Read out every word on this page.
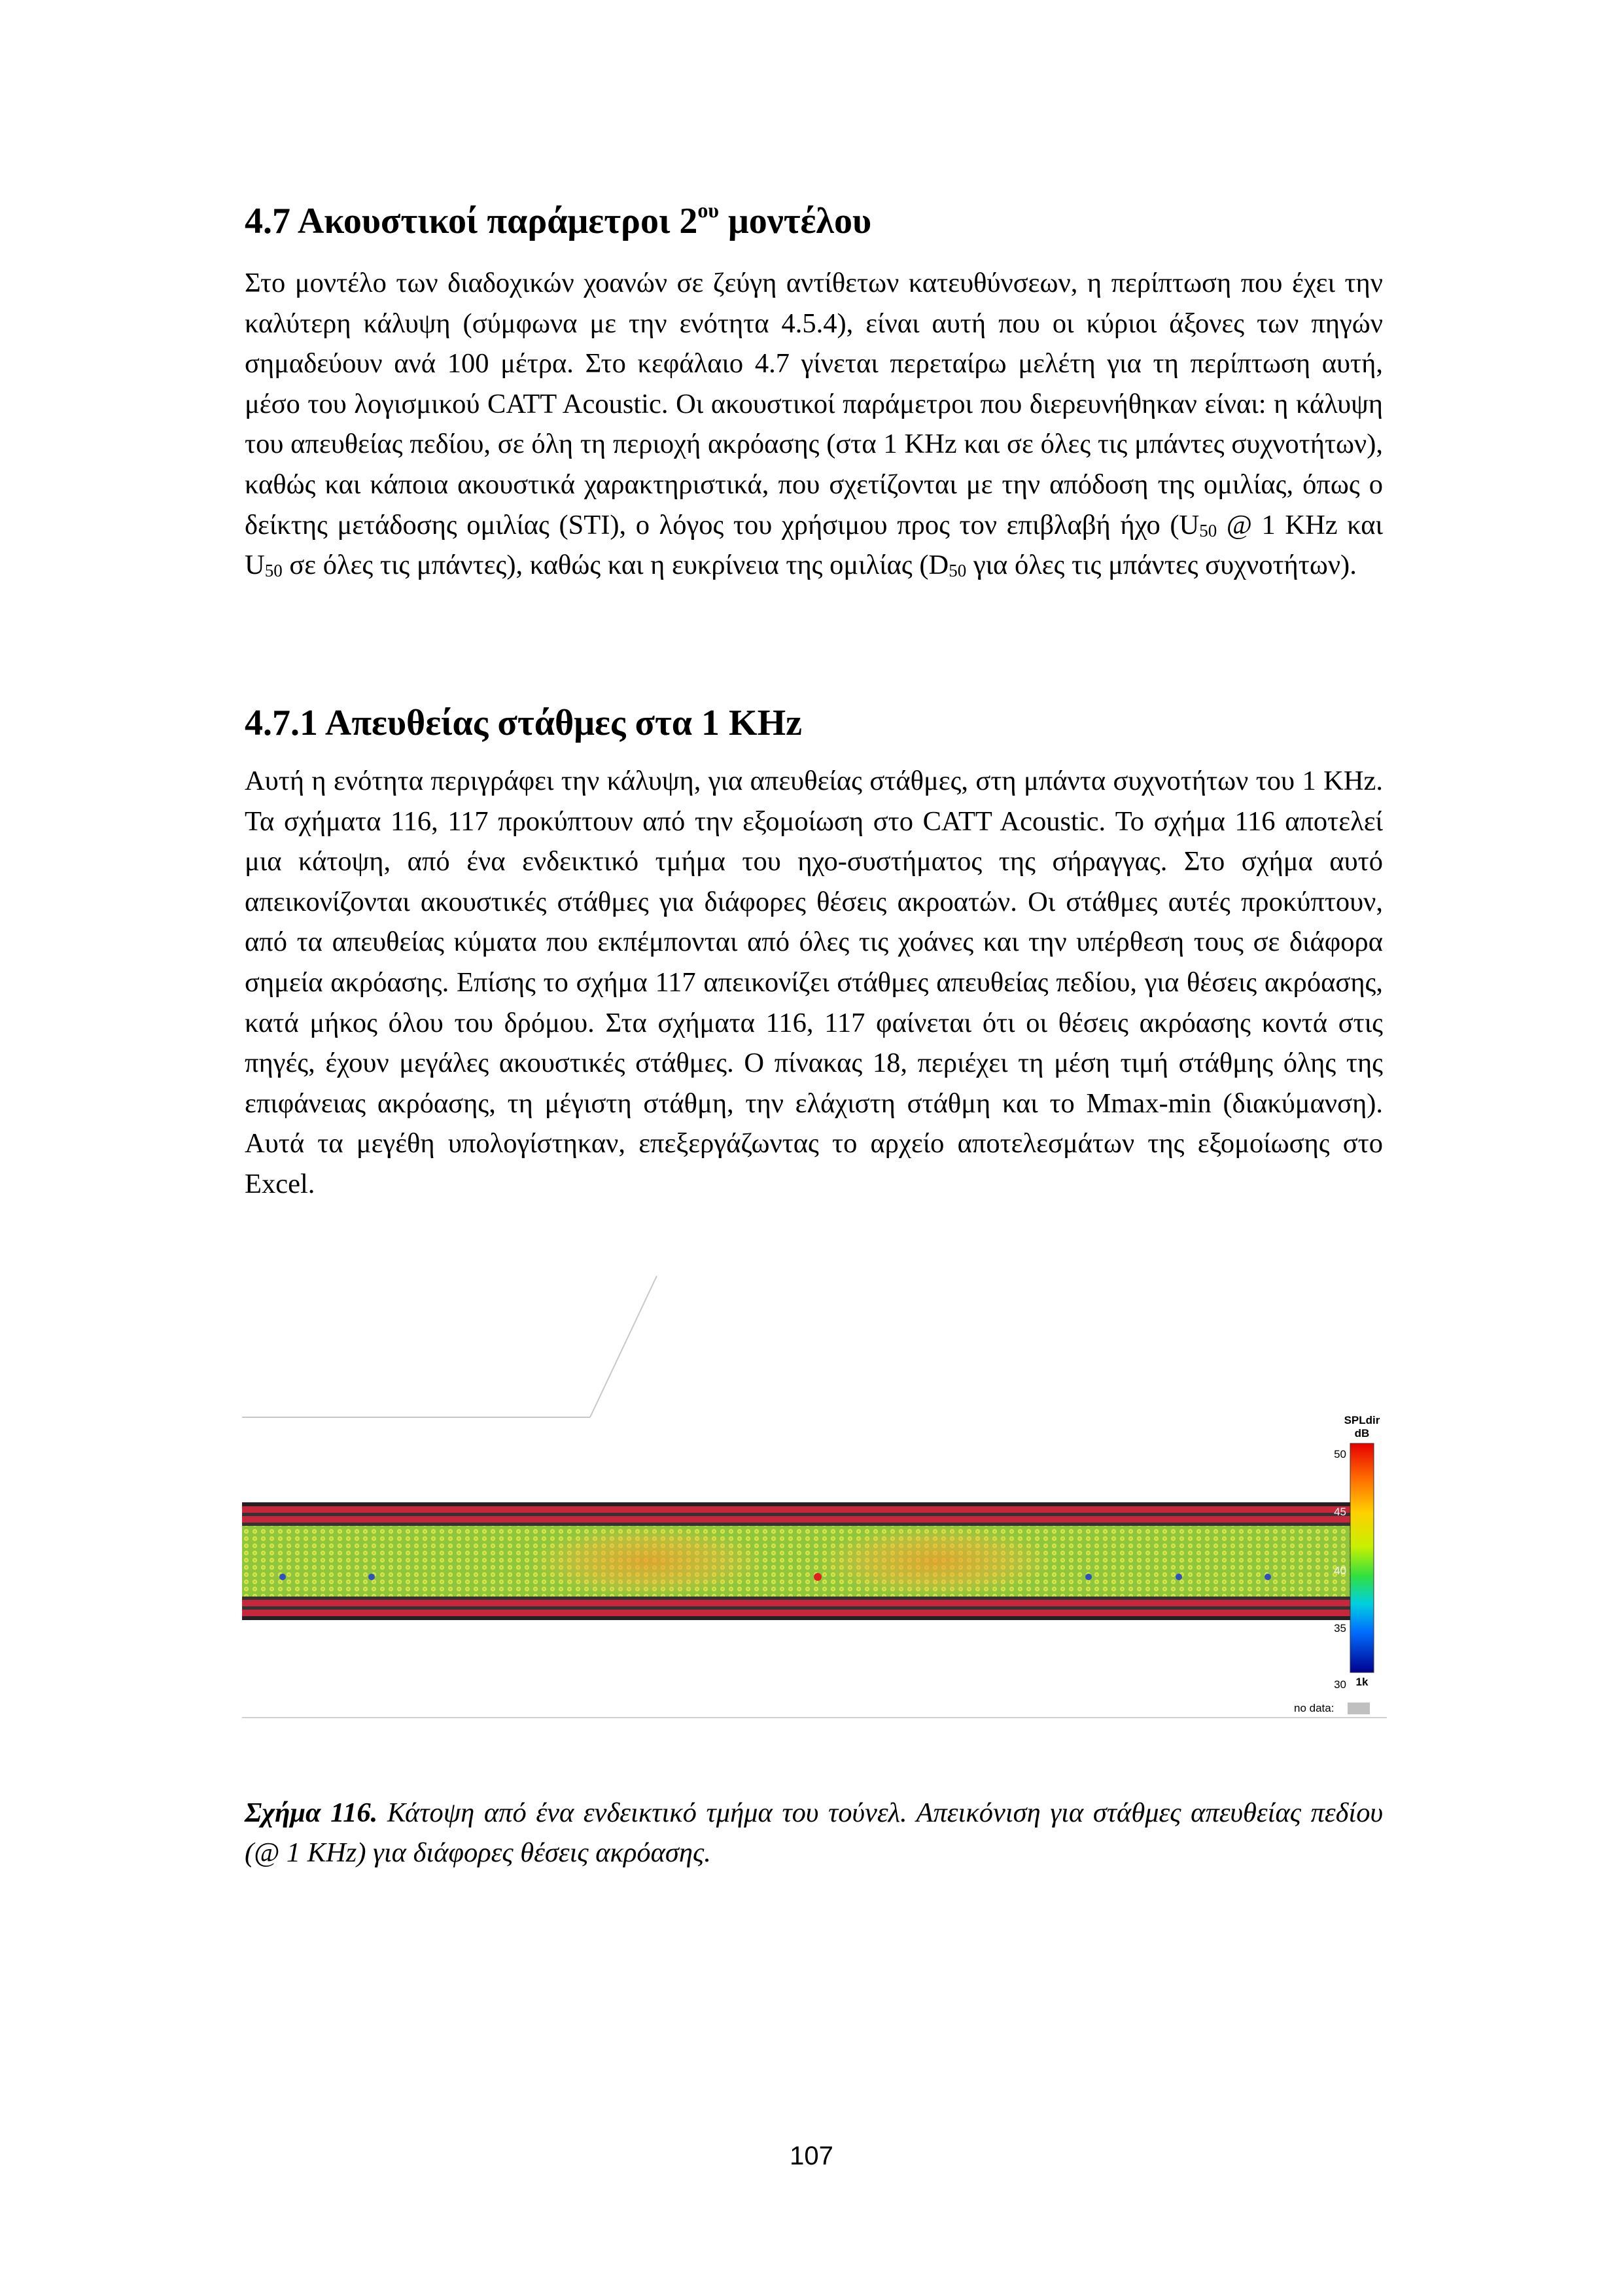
4.7 Ακουστικοί παράμετροι $2^{o\upsilon}$ μοντέλου
Στο μοντέλο των διαδοχικών χοανών σε ζεύγη αντίθετων κατευθύνσεων, η περίπτωση που έχει την καλύτερη κάλυψη (σύμφωνα με την ενότητα 4.5.4), είναι αυτή που οι κύριοι άξονες των πηγών σημαδεύουν ανά 100 μέτρα. Στο κεφάλαιο 4.7 γίνεται περεταίρω μελέτη για τη περίπτωση αυτή, μέσο του λογισμικού CATT Acoustic. Οι ακουστικοί παράμετροι που διερευνήθηκαν είναι: η κάλυψη του απευθείας πεδίου, σε όλη τη περιοχή ακρόασης (στα 1 KHz και σε όλες τις μπάντες συχνοτήτων), καθώς και κάποια ακουστικά χαρακτηριστικά, που σχετίζονται με την απόδοση της ομιλίας, όπως ο δείκτης μετάδοσης ομιλίας (STI), ο λόγος του χρήσιμου προς τον επιβλαβή ήχο ($U_{50}$ @ 1 KHz και $U_{50}$ σε όλες τις μπάντες), καθώς και η ευκρίνεια της ομιλίας ($D_{50}$ για όλες τις μπάντες συχνοτήτων).
4.7.1 Απευθείας στάθμες στα 1 KHz
Αυτή η ενότητα περιγράφει την κάλυψη, για απευθείας στάθμες, στη μπάντα συχνοτήτων του 1 KHz. Τα σχήματα 116, 117 προκύπτουν από την εξομοίωση στο CATT Acoustic. Το σχήμα 116 αποτελεί μια κάτοψη, από ένα ενδεικτικό τμήμα του ηχο-συστήματος της σήραγγας. Στο σχήμα αυτό απεικονίζονται ακουστικές στάθμες για διάφορες θέσεις ακροατών. Οι στάθμες αυτές προκύπτουν, από τα απευθείας κύματα που εκπέμπονται από όλες τις χοάνες και την υπέρθεση τους σε διάφορα σημεία ακρόασης. Επίσης το σχήμα 117 απεικονίζει στάθμες απευθείας πεδίου, για θέσεις ακρόασης, κατά μήκος όλου του δρόμου. Στα σχήματα 116, 117 φαίνεται ότι οι θέσεις ακρόασης κοντά στις πηγές, έχουν μεγάλες ακουστικές στάθμες. Ο πίνακας 18, περιέχει τη μέση τιμή στάθμης όλης της επιφάνειας ακρόασης, τη μέγιστη στάθμη, την ελάχιστη στάθμη και το Mmax-min (διακύμανση). Αυτά τα μεγέθη υπολογίστηκαν, επεξεργάζωντας το αρχείο αποτελεσμάτων της εξομοίωσης στο Excel.
SPLdir
dB
50
45
40
35
30 1k
no data:
Σχήμα 116. Κάτοψη από ένα ενδεικτικό τμήμα του τούνελ. Απεικόνιση για στάθμες απευθείας πεδίου (@ 1 KHz) για διάφορες θέσεις ακρόασης.
107
